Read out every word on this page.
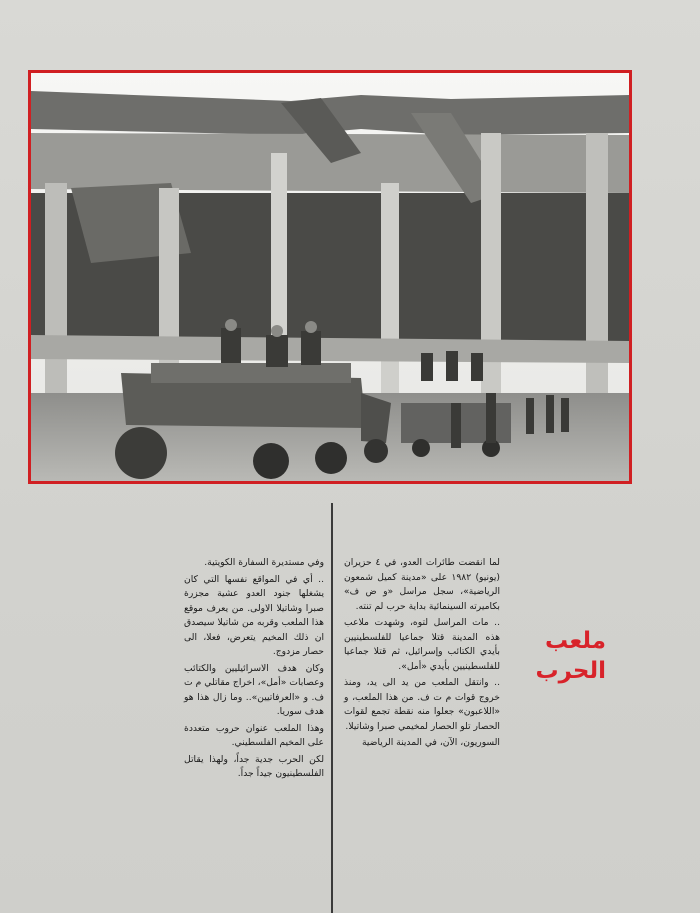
ملعب الحرب

لما انقضت طائرات العدو، في ٤ حزيران (يونيو) ١٩٨٢ على «مدينة كميل شمعون الرياضية»، سجل مراسل «و ض ف» بكاميرته السينمائية بداية حرب لم تنته.

.. مات المراسل لتوه، وشهدت ملاعب هذه المدينة قتلا جماعيا للفلسطينيين بأيدي الكتائب وإسرائيل، ثم قتلا جماعيا للفلسطينيين بأيدي «أمل».

.. وانتقل الملعب من يد الى يد، ومنذ خروج قوات م ت ف. من هذا الملعب، و «اللاعبون» جعلوا منه نقطة تجمع لقوات الحصار تلو الحصار لمخيمي صبرا وشاتيلا.

السوريون، الآن، في المدينة الرياضية

وفي مستديرة السفارة الكويتية.

.. أي في المواقع نفسها التي كان يشغلها جنود العدو عشية مجزرة صبرا وشاتيلا الاولى. من يعرف موقع هذا الملعب وقربه من شاتيلا سيصدق ان ذلك المخيم يتعرض، فعلا، الى حصار مزدوج.

وكان هدف الاسرائيليين والكتائب وعصابات «أمل»، اخراج مقاتلي م ت ف. و «العرفاتيين».. وما زال هذا هو هدف سوريا.

وهذا الملعب عنوان حروب متعددة على المخيم الفلسطيني.

لكن الحرب جدية جداً، ولهذا يقاتل الفلسطينيون جيداً جداً.
